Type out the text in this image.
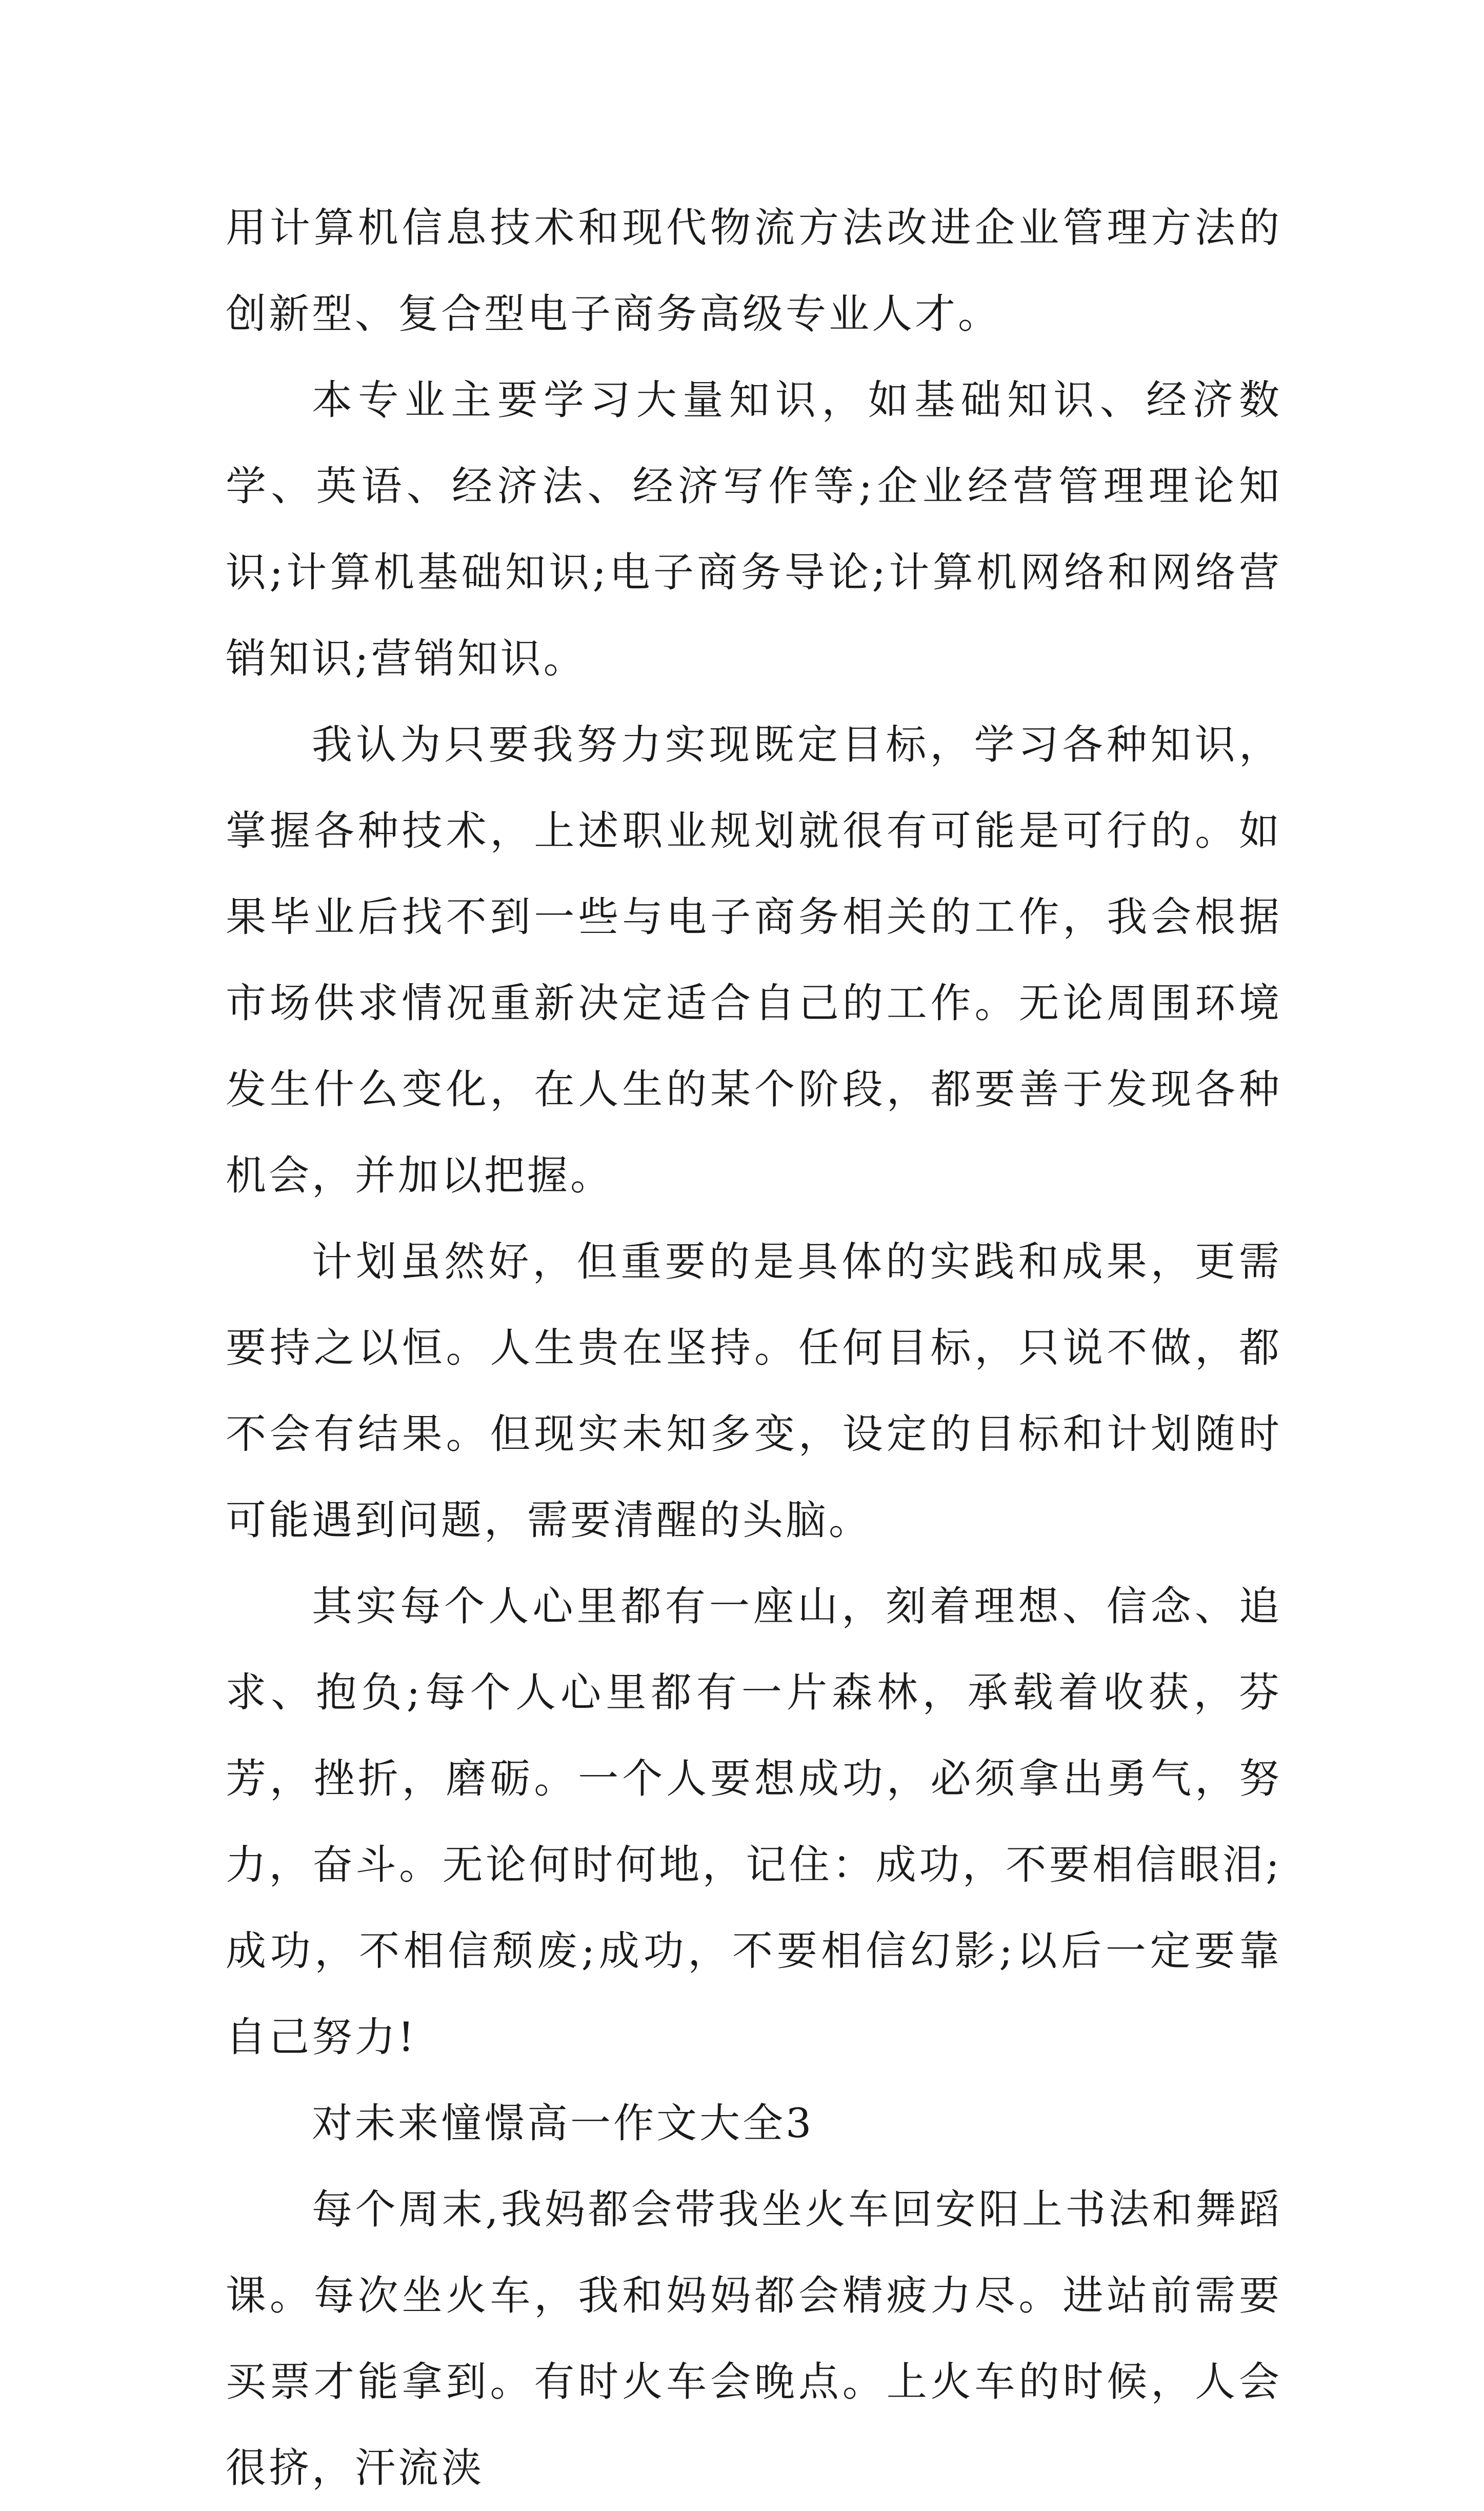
用计算机信息技术和现代物流方法改进企业管理方法的创新型、复合型电子商务高级专业人才。

本专业主要学习大量知识，如基础知识、经济数学、英语、经济法、经济写作等;企业经营管理理论知识;计算机基础知识;电子商务导论;计算机网络和网络营销知识;营销知识。

我认为只要我努力实现既定目标，学习各种知识，掌握各种技术，上述职业规划就很有可能是可行的。如果毕业后找不到一些与电子商务相关的工作，我会根据市场供求情况重新决定适合自己的工作。无论周围环境发生什么变化，在人生的某个阶段，都要善于发现各种机会，并加以把握。

计划虽然好，但重要的是具体的实践和成果，更需要持之以恒。人生贵在坚持。任何目标，只说不做，都不会有结果。但现实未知多变，设定的目标和计划随时可能遇到问题，需要清醒的头脑。

其实每个人心里都有一座山，刻着理想、信念、追求、抱负;每个人心里都有一片森林，承载着收获，芬芳，挫折，磨砺。一个人要想成功，必须拿出勇气，努力，奋斗。无论何时何地，记住：成功，不要相信眼泪;成功，不相信颓废;成功，不要相信幻影;以后一定要靠自己努力!

对未来憧憬高一作文大全3

每个周末,我妈都会带我坐火车回安阳上书法和舞蹈课。每次坐火车，我和妈妈都会精疲力尽。进站前需要买票才能拿到。有时火车会晚点。上火车的时候，人会很挤，汗流浃
